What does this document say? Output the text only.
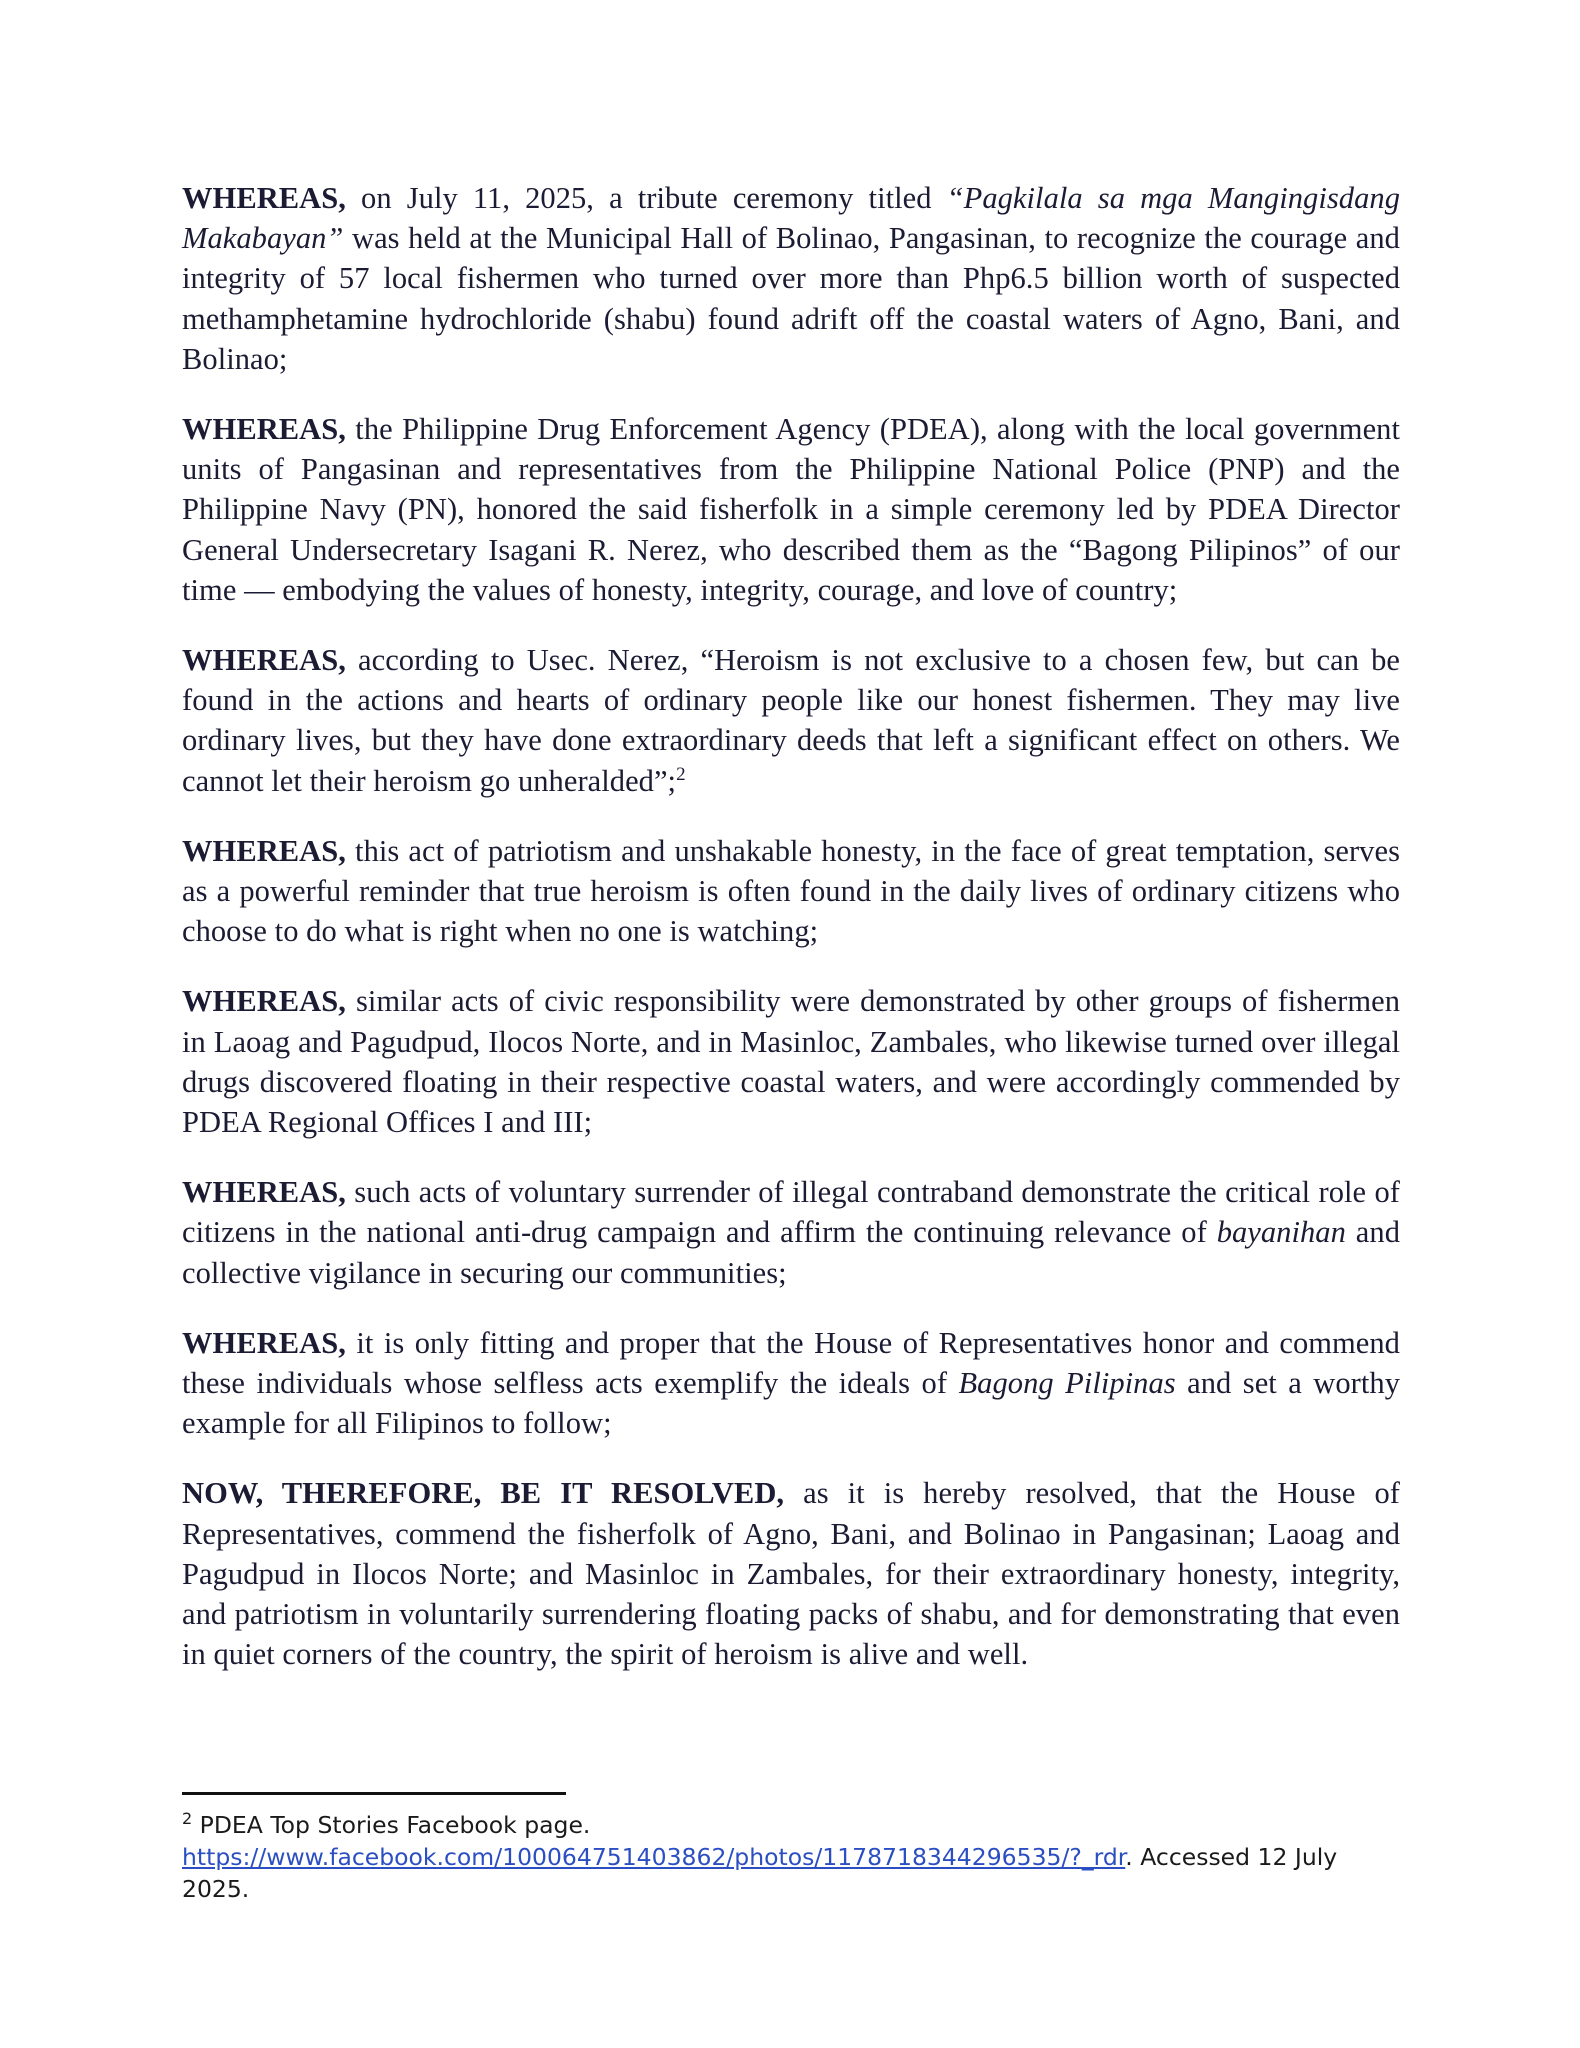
WHEREAS, on July 11, 2025, a tribute ceremony titled “Pagkilala sa mga Mangingisdang Makabayan” was held at the Municipal Hall of Bolinao, Pangasinan, to recognize the courage and integrity of 57 local fishermen who turned over more than Php6.5 billion worth of suspected methamphetamine hydrochloride (shabu) found adrift off the coastal waters of Agno, Bani, and Bolinao;

WHEREAS, the Philippine Drug Enforcement Agency (PDEA), along with the local government units of Pangasinan and representatives from the Philippine National Police (PNP) and the Philippine Navy (PN), honored the said fisherfolk in a simple ceremony led by PDEA Director General Undersecretary Isagani R. Nerez, who described them as the “Bagong Pilipinos” of our time — embodying the values of honesty, integrity, courage, and love of country;

WHEREAS, according to Usec. Nerez, “Heroism is not exclusive to a chosen few, but can be found in the actions and hearts of ordinary people like our honest fishermen. They may live ordinary lives, but they have done extraordinary deeds that left a significant effect on others. We cannot let their heroism go unheralded”;$^2$

WHEREAS, this act of patriotism and unshakable honesty, in the face of great temptation, serves as a powerful reminder that true heroism is often found in the daily lives of ordinary citizens who choose to do what is right when no one is watching;

WHEREAS, similar acts of civic responsibility were demonstrated by other groups of fishermen in Laoag and Pagudpud, Ilocos Norte, and in Masinloc, Zambales, who likewise turned over illegal drugs discovered floating in their respective coastal waters, and were accordingly commended by PDEA Regional Offices I and III;

WHEREAS, such acts of voluntary surrender of illegal contraband demonstrate the critical role of citizens in the national anti-drug campaign and affirm the continuing relevance of bayanihan and collective vigilance in securing our communities;

WHEREAS, it is only fitting and proper that the House of Representatives honor and commend these individuals whose selfless acts exemplify the ideals of Bagong Pilipinas and set a worthy example for all Filipinos to follow;

NOW, THEREFORE, BE IT RESOLVED, as it is hereby resolved, that the House of Representatives, commend the fisherfolk of Agno, Bani, and Bolinao in Pangasinan; Laoag and Pagudpud in Ilocos Norte; and Masinloc in Zambales, for their extraordinary honesty, integrity, and patriotism in voluntarily surrendering floating packs of shabu, and for demonstrating that even in quiet corners of the country, the spirit of heroism is alive and well.

$^2$ PDEA Top Stories Facebook page.
https://www.facebook.com/100064751403862/photos/1178718344296535/?_rdr. Accessed 12 July 2025.
